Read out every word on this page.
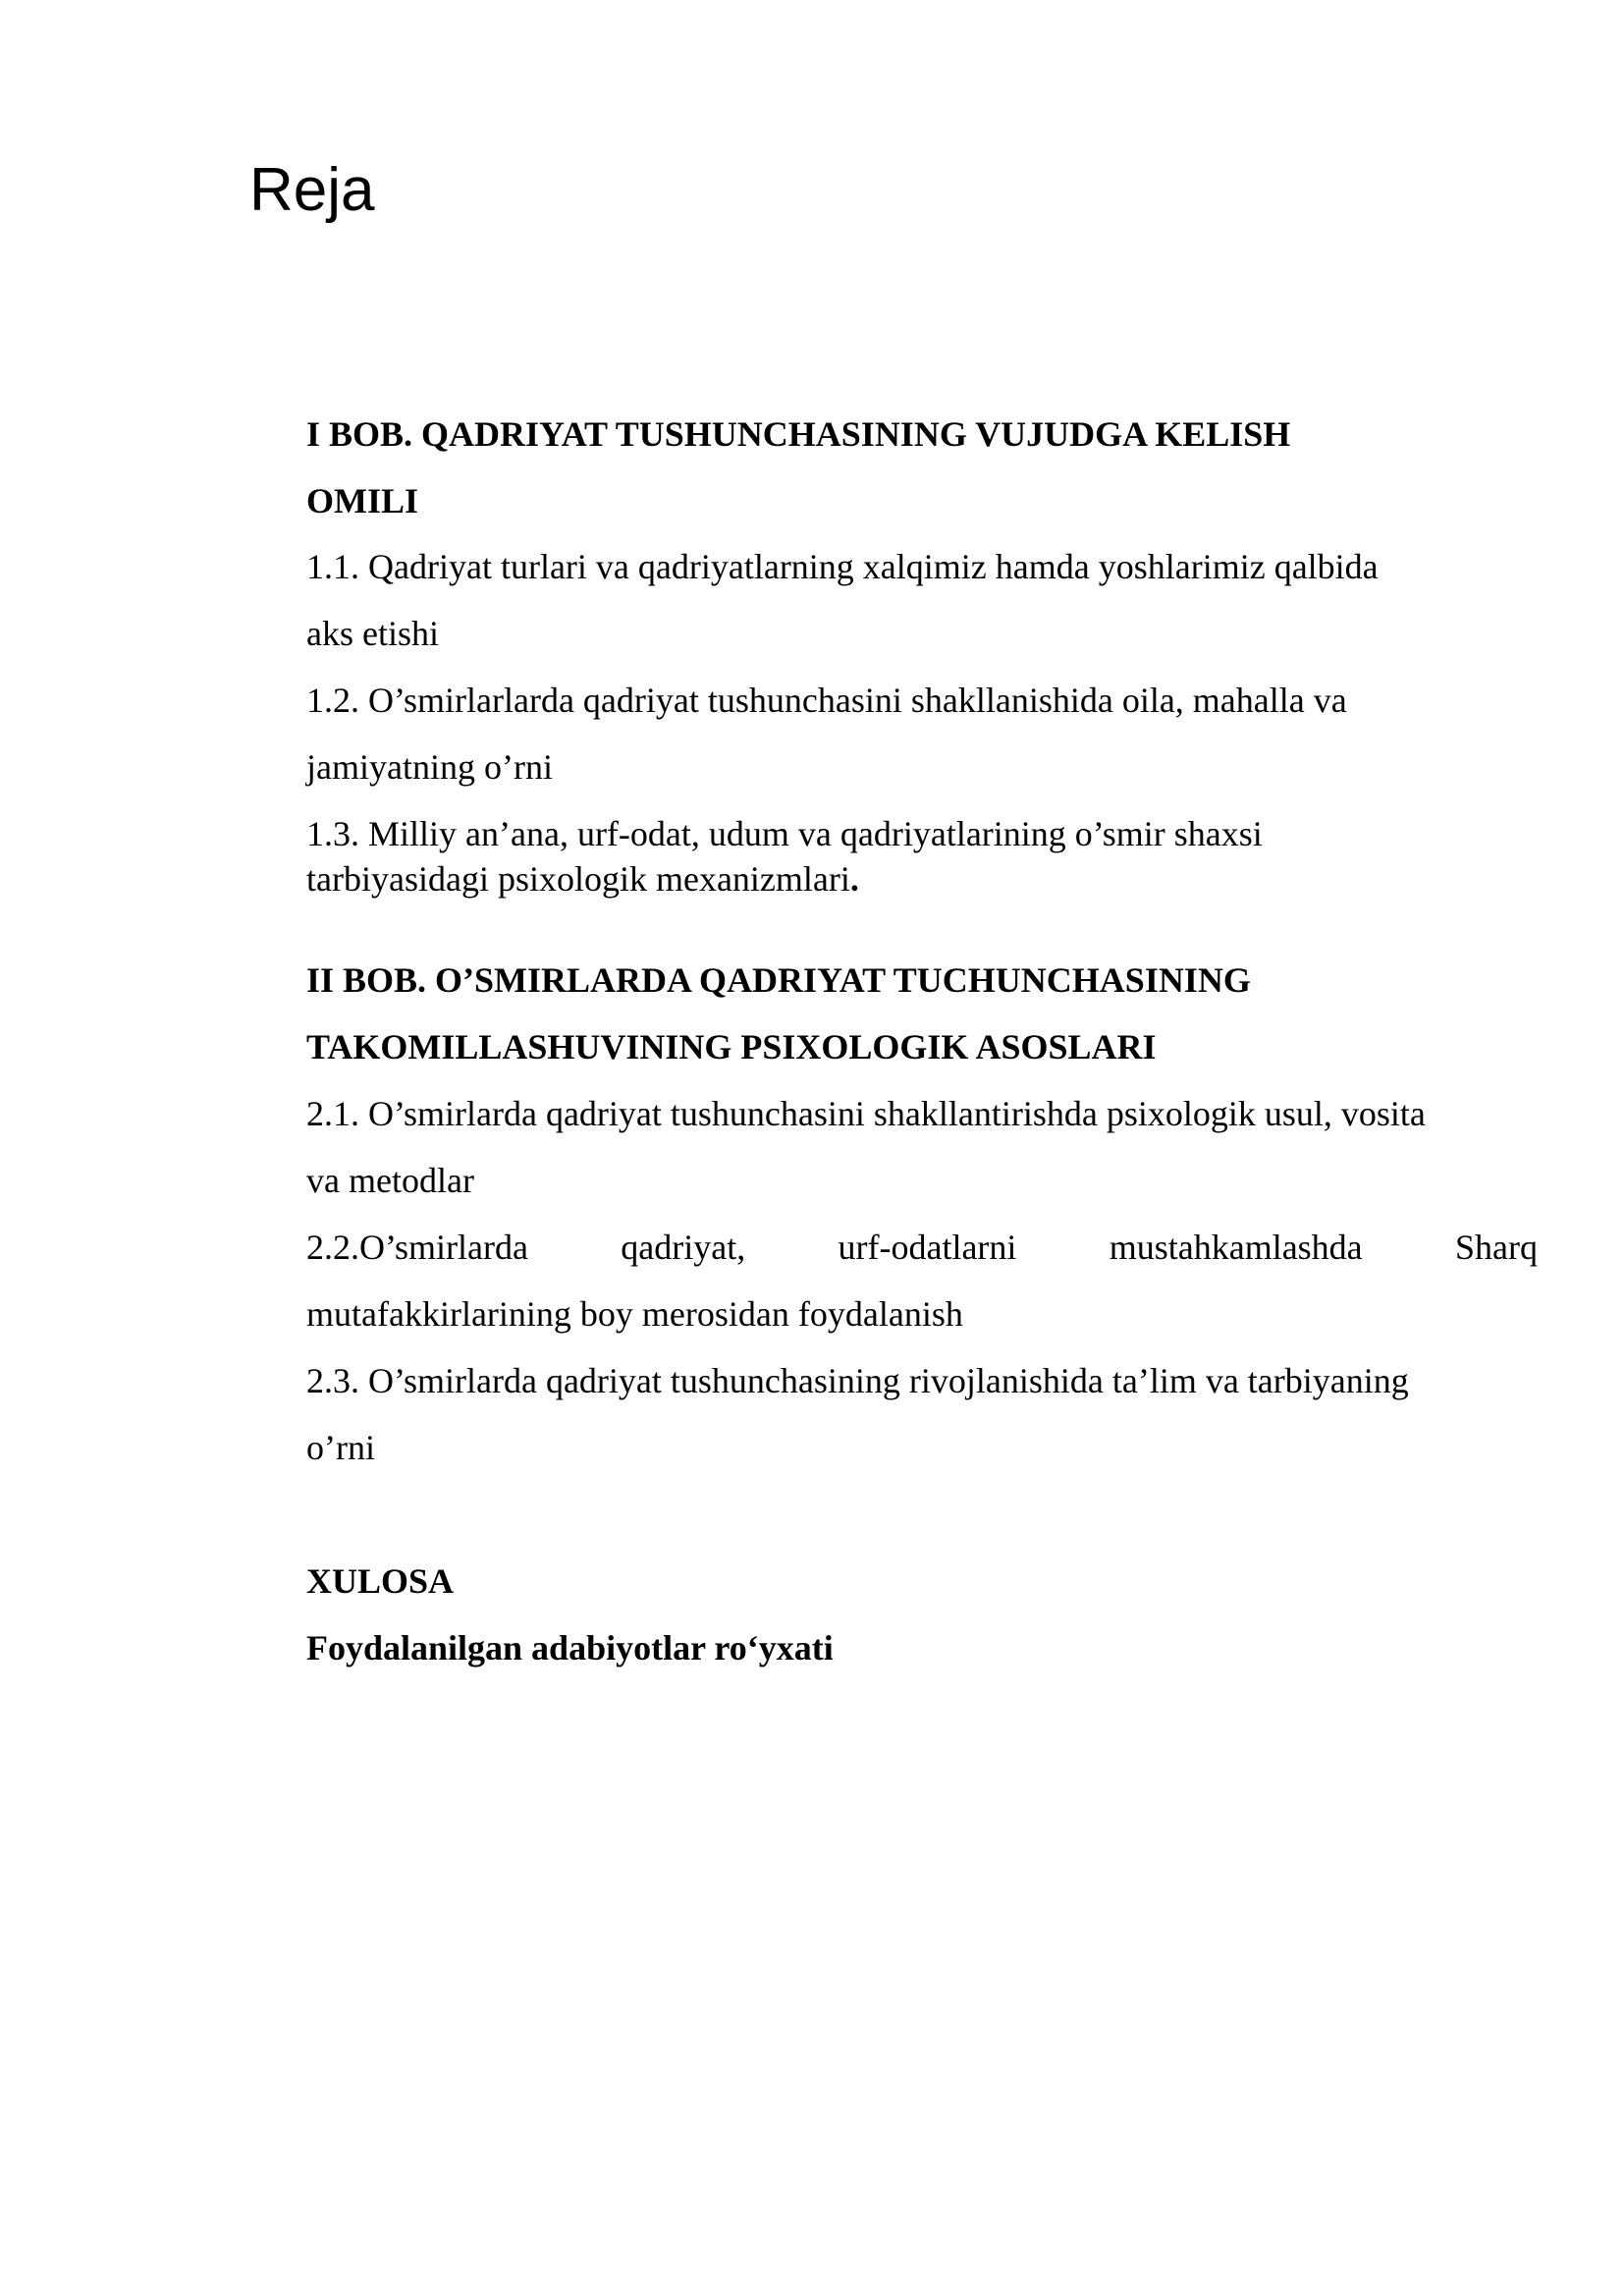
Reja
I BOB. QADRIYAT TUSHUNCHASINING VUJUDGA KELISH
OMILI
1.1. Qadriyat turlari va qadriyatlarning xalqimiz hamda yoshlarimiz qalbida
aks etishi
1.2. O’smirlarlarda qadriyat tushunchasini shakllanishida oila, mahalla va
jamiyatning o’rni
1.3. Milliy an’ana, urf-odat, udum va qadriyatlarining o’smir shaxsi
tarbiyasidagi psixologik mexanizmlari.
II BOB. O’SMIRLARDA QADRIYAT TUCHUNCHASINING
TAKOMILLASHUVINING PSIXOLOGIK ASOSLARI
2.1. O’smirlarda qadriyat tushunchasini shakllantirishda psixologik usul, vosita
va metodlar
2.2.O’smirlarda	qadriyat,	urf-odatlarni	mustahkamlashda	Sharq
mutafakkirlarining boy merosidan foydalanish
2.3. O’smirlarda qadriyat tushunchasining rivojlanishida ta’lim va tarbiyaning
o’rni
XULOSA
Foydalanilgan adabiyotlar ro‘yxati
